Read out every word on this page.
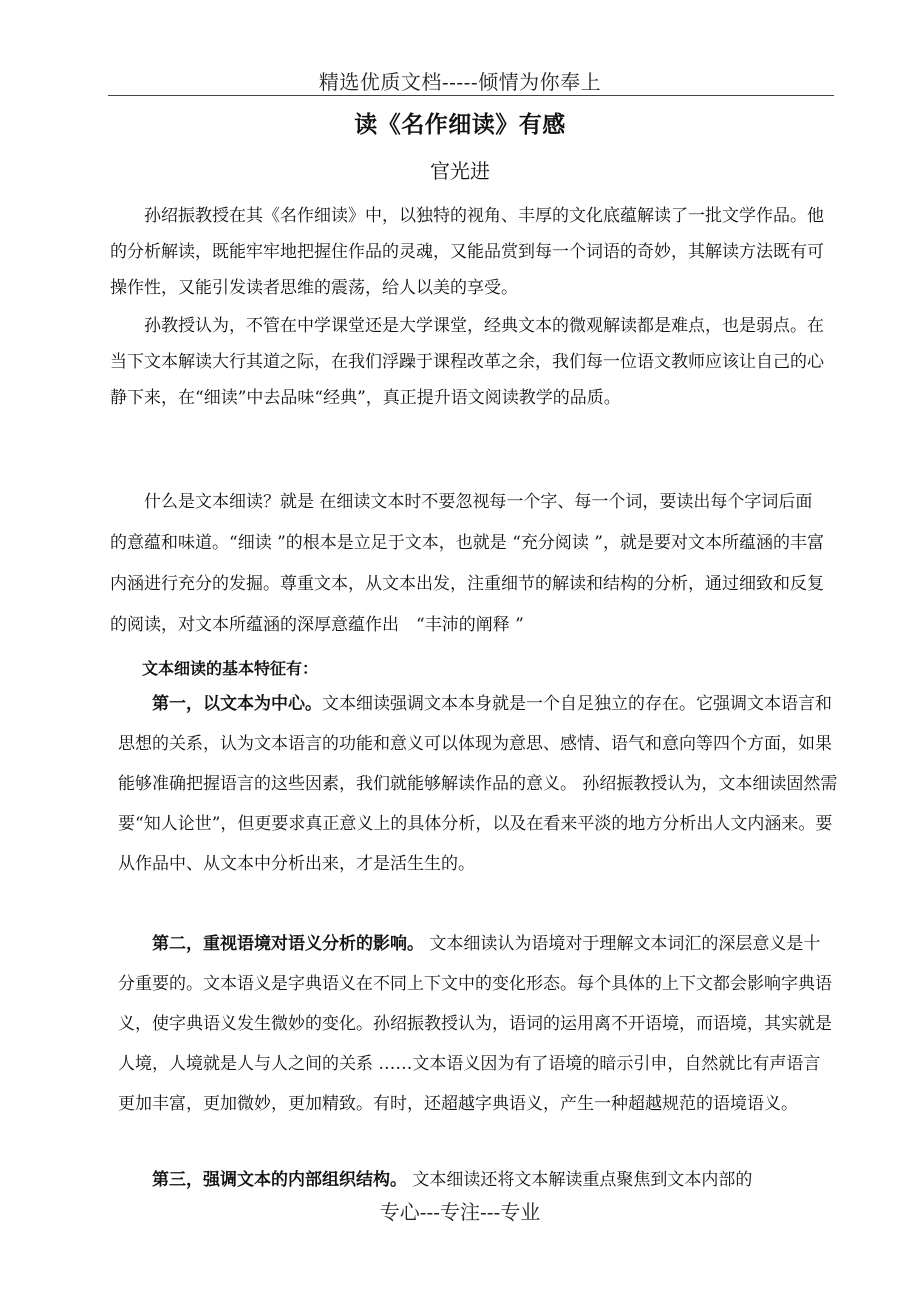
精选优质文档-----倾情为你奉上
读《名作细读》有感
官光进

孙绍振教授在其《名作细读》中，以独特的视角、丰厚的文化底蕴解读了一批文学作品。他的分析解读，既能牢牢地把握住作品的灵魂，又能品赏到每一个词语的奇妙，其解读方法既有可操作性，又能引发读者思维的震荡，给人以美的享受。

孙教授认为，不管在中学课堂还是大学课堂，经典文本的微观解读都是难点，也是弱点。在当下文本解读大行其道之际，在我们浮躁于课程改革之余，我们每一位语文教师应该让自己的心静下来，在“细读”中去品味“经典”，真正提升语文阅读教学的品质。

什么是文本细读？就是 在细读文本时不要忽视每一个字、每一个词，要读出每个字词后面的意蕴和味道。“细读 ”的根本是立足于文本，也就是 “充分阅读 ”，就是要对文本所蕴涵的丰富内涵进行充分的发掘。尊重文本，从文本出发，注重细节的解读和结构的分析，通过细致和反复的阅读，对文本所蕴涵的深厚意蕴作出　“丰沛的阐释 ”

文本细读的基本特征有：

第一，以文本为中心。文本细读强调文本本身就是一个自足独立的存在。它强调文本语言和思想的关系，认为文本语言的功能和意义可以体现为意思、感情、语气和意向等四个方面，如果能够准确把握语言的这些因素，我们就能够解读作品的意义。 孙绍振教授认为，文本细读固然需要“知人论世”，但更要求真正意义上的具体分析，以及在看来平淡的地方分析出人文内涵来。要从作品中、从文本中分析出来，才是活生生的。

第二，重视语境对语义分析的影响。 文本细读认为语境对于理解文本词汇的深层意义是十分重要的。文本语义是字典语义在不同上下文中的变化形态。每个具体的上下文都会影响字典语义，使字典语义发生微妙的变化。孙绍振教授认为，语词的运用离不开语境，而语境，其实就是人境，人境就是人与人之间的关系 ……文本语义因为有了语境的暗示引申，自然就比有声语言更加丰富，更加微妙，更加精致。有时，还超越字典语义，产生一种超越规范的语境语义。

第三，强调文本的内部组织结构。 文本细读还将文本解读重点聚焦到文本内部的

专心---专注---专业
